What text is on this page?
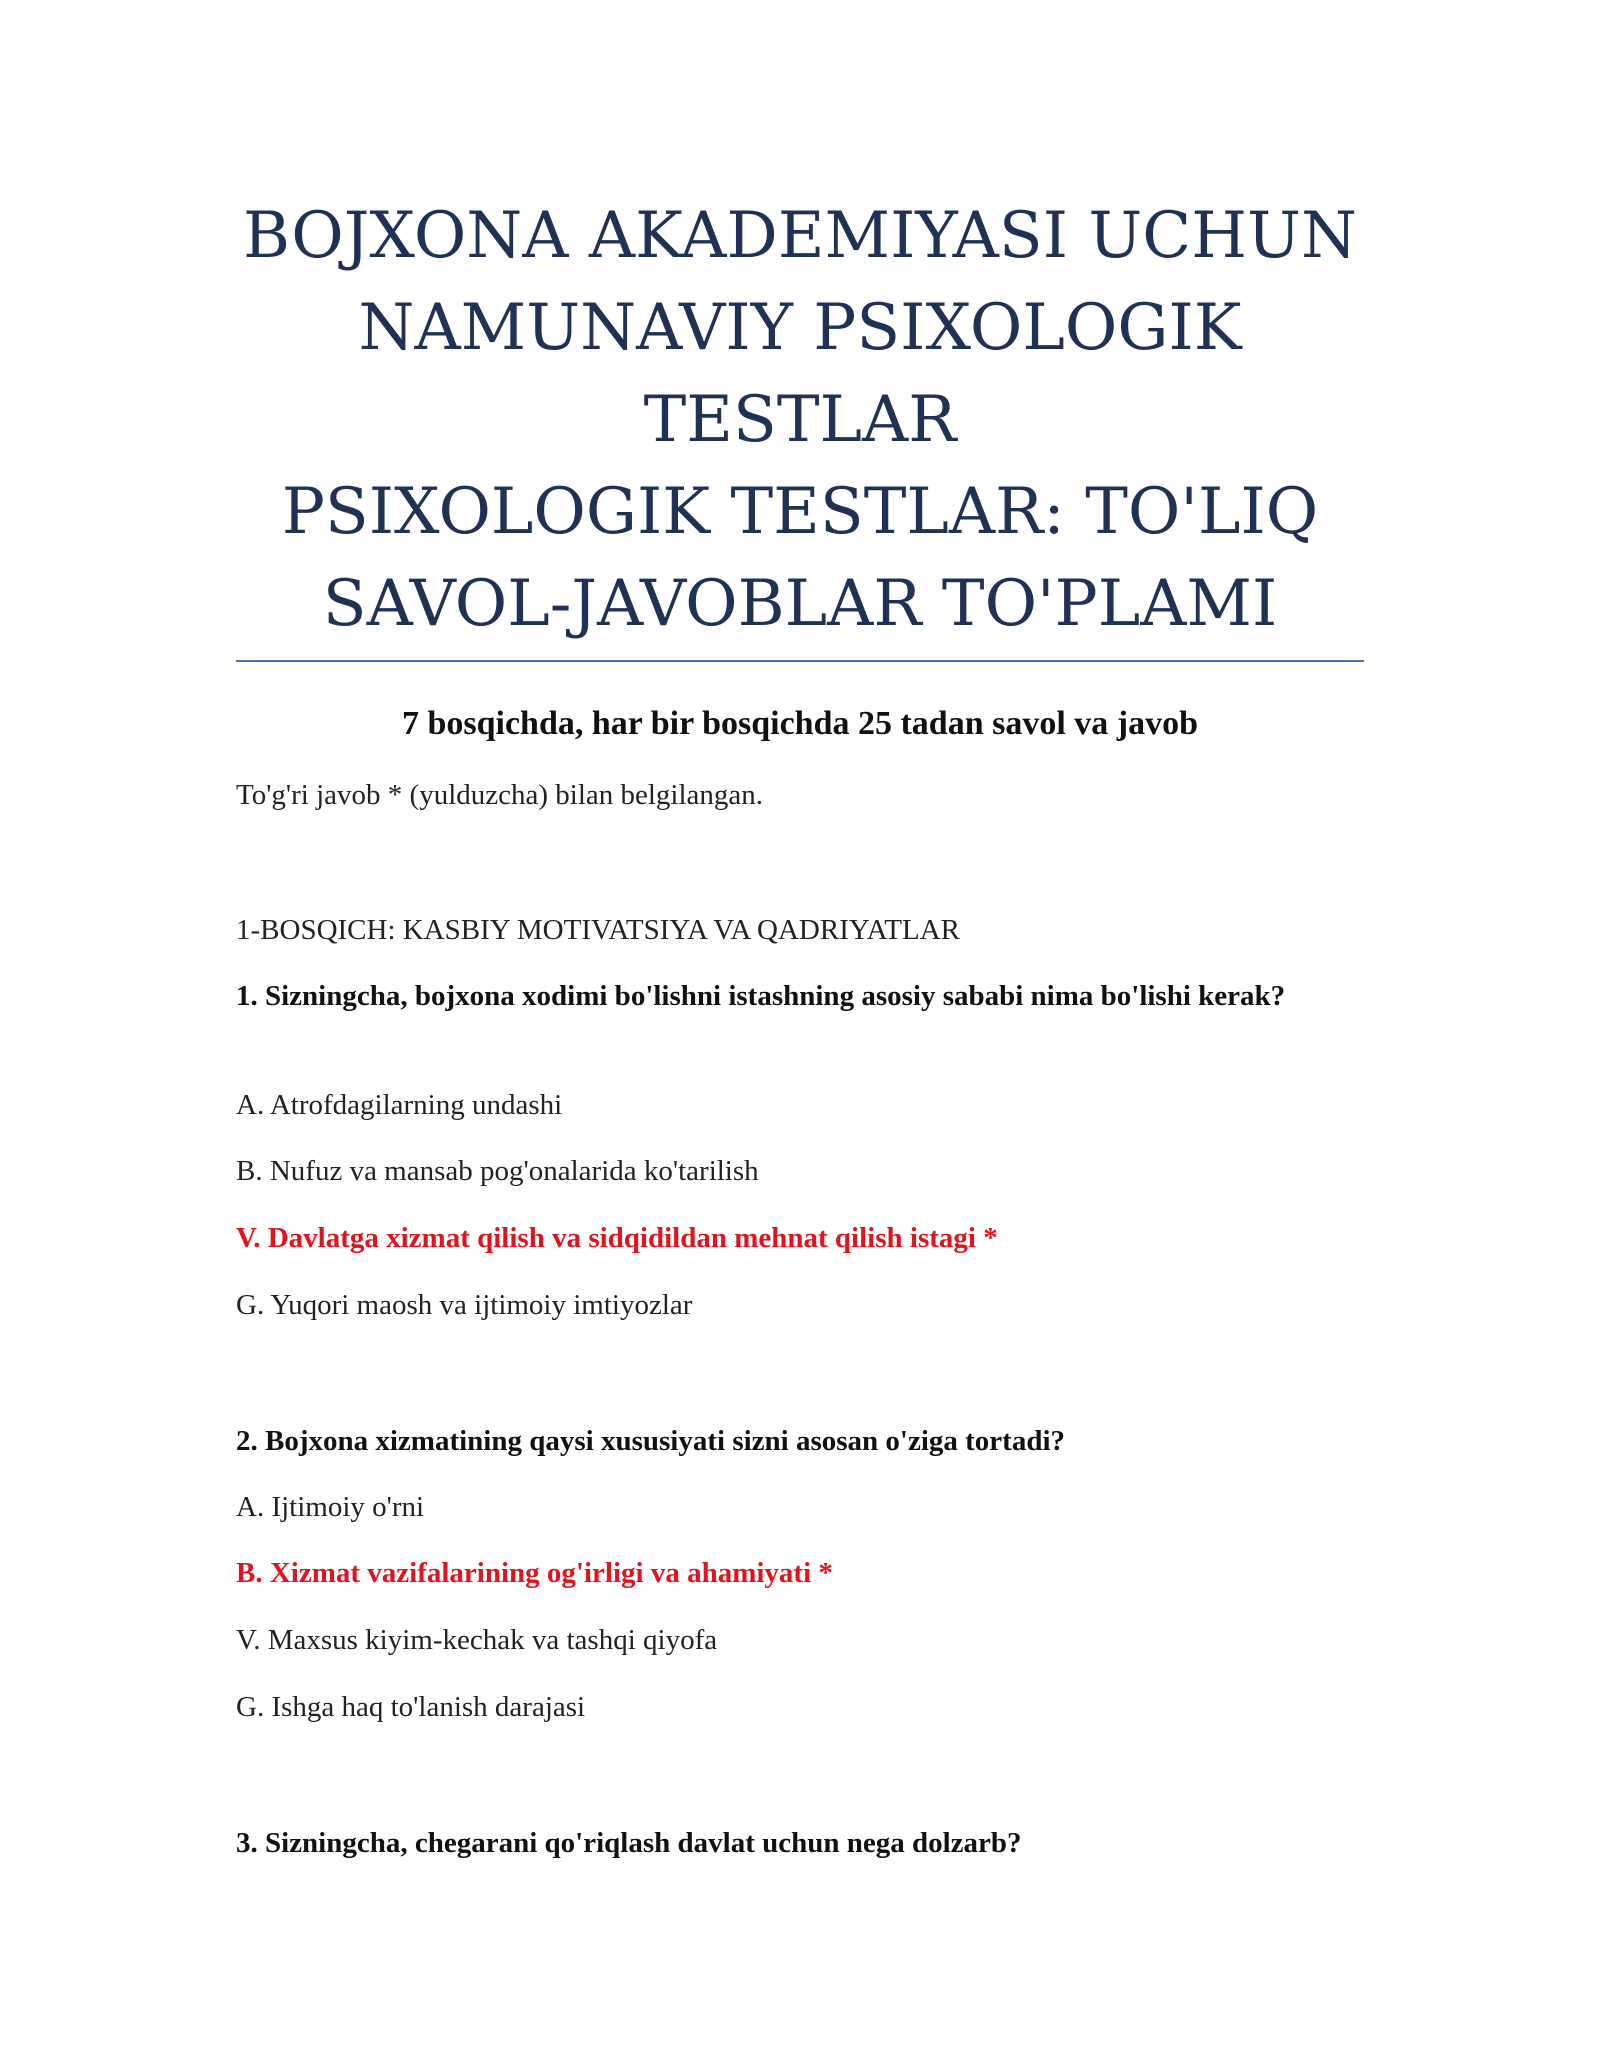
BOJXONA AKADEMIYASI UCHUN
NAMUNAVIY PSIXOLOGIK
TESTLAR
PSIXOLOGIK TESTLAR: TO'LIQ
SAVOL-JAVOBLAR TO'PLAMI
7 bosqichda, har bir bosqichda 25 tadan savol va javob
To'g'ri javob * (yulduzcha) bilan belgilangan.
1-BOSQICH: KASBIY MOTIVATSIYA VA QADRIYATLAR
1. Sizningcha, bojxona xodimi bo'lishni istashning asosiy sababi nima bo'lishi kerak?
A. Atrofdagilarning undashi
B. Nufuz va mansab pog'onalarida ko'tarilish
V. Davlatga xizmat qilish va sidqidildan mehnat qilish istagi *
G. Yuqori maosh va ijtimoiy imtiyozlar
2. Bojxona xizmatining qaysi xususiyati sizni asosan o'ziga tortadi?
A. Ijtimoiy o'rni
B. Xizmat vazifalarining og'irligi va ahamiyati *
V. Maxsus kiyim-kechak va tashqi qiyofa
G. Ishga haq to'lanish darajasi
3. Sizningcha, chegarani qo'riqlash davlat uchun nega dolzarb?
